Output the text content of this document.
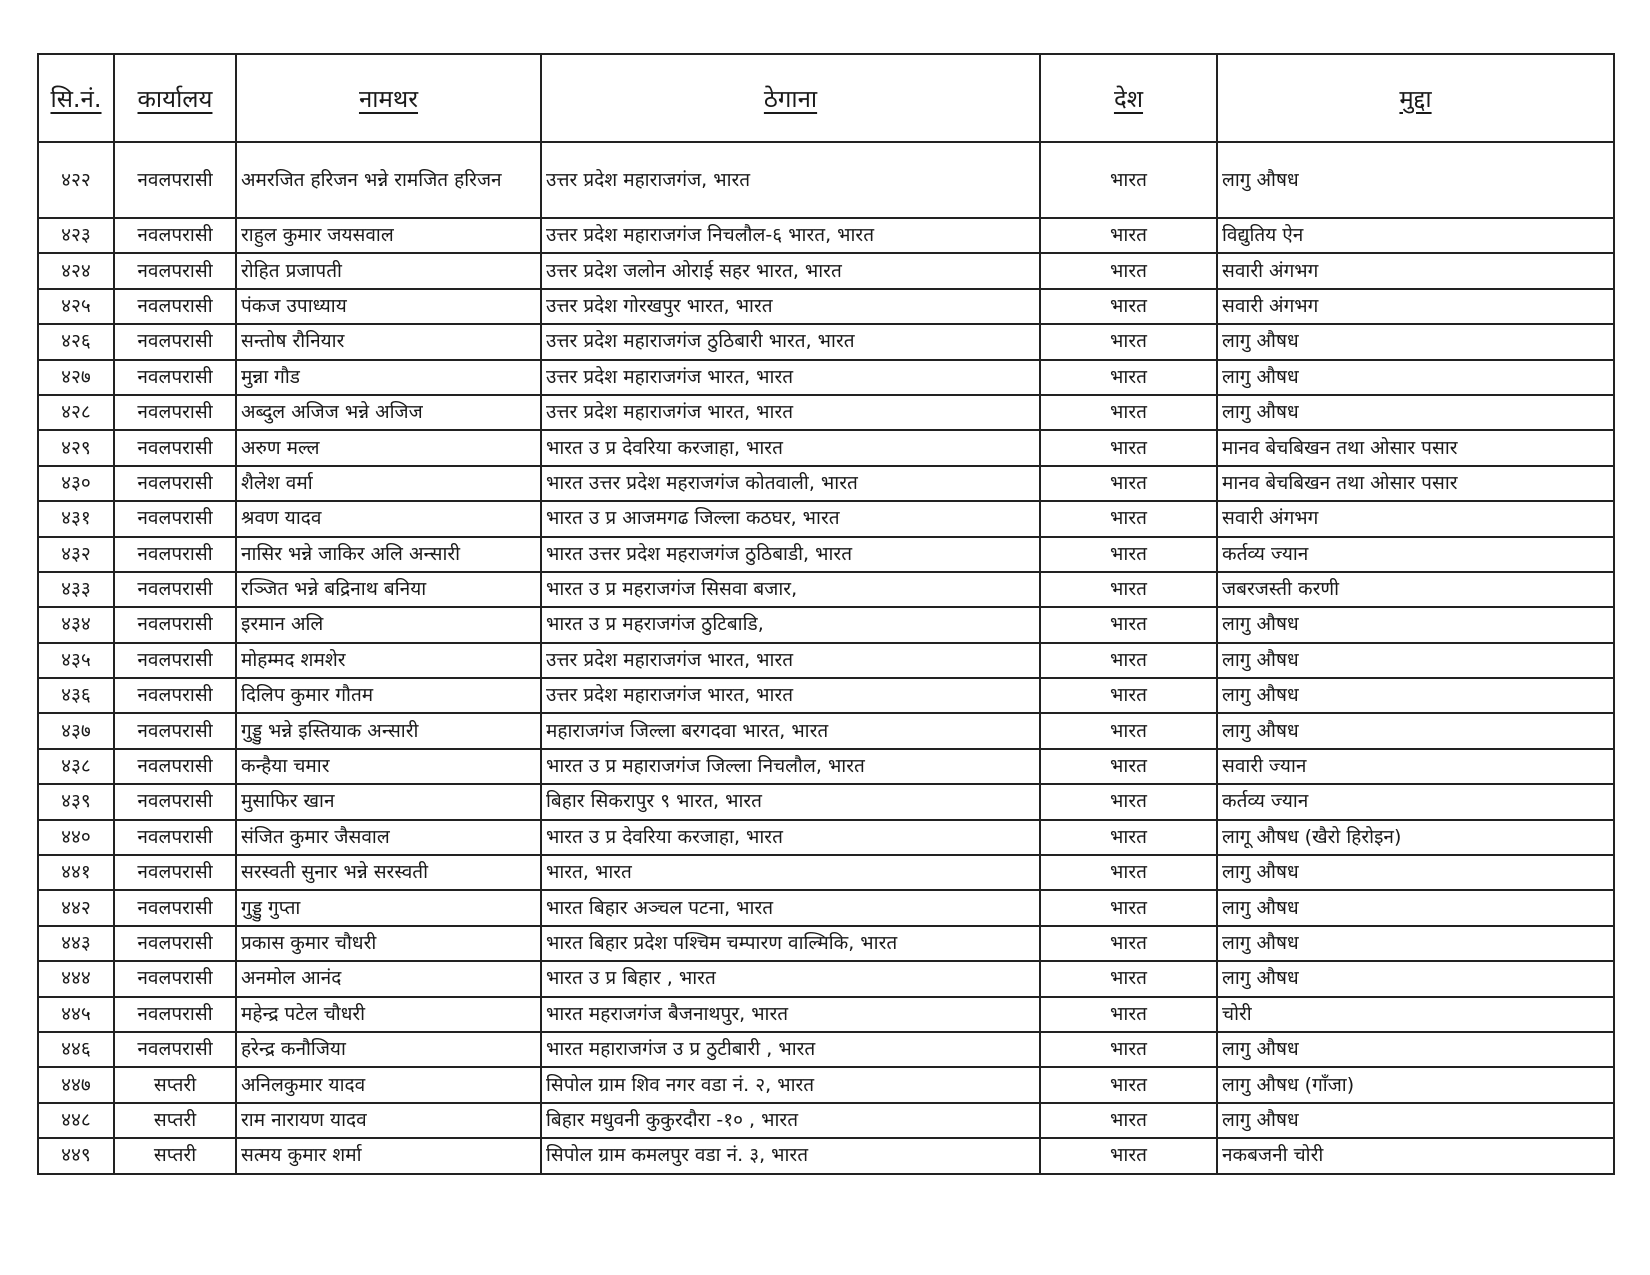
सि.नं.	कार्यालय	नामथर	ठेगाना	देश	मुद्दा
४२२	नवलपरासी	अमरजित हरिजन भन्ने रामजित हरिजन	उत्तर प्रदेश महाराजगंज, भारत	भारत	लागु औषध
४२३	नवलपरासी	राहुल कुमार जयसवाल	उत्तर प्रदेश महाराजगंज निचलौल-६ भारत, भारत	भारत	विद्युतिय ऐन
४२४	नवलपरासी	रोहित प्रजापती	उत्तर प्रदेश जलोन ओराई सहर भारत, भारत	भारत	सवारी अंगभग
४२५	नवलपरासी	पंकज उपाध्याय	उत्तर प्रदेश गोरखपुर भारत, भारत	भारत	सवारी अंगभग
४२६	नवलपरासी	सन्तोष रौनियार	उत्तर प्रदेश महाराजगंज ठुठिबारी भारत, भारत	भारत	लागु औषध
४२७	नवलपरासी	मुन्ना गौड	उत्तर प्रदेश महाराजगंज भारत, भारत	भारत	लागु औषध
४२८	नवलपरासी	अब्दुल अजिज भन्ने अजिज	उत्तर प्रदेश महाराजगंज भारत, भारत	भारत	लागु औषध
४२९	नवलपरासी	अरुण मल्ल	भारत उ प्र देवरिया करजाहा, भारत	भारत	मानव बेचबिखन तथा ओसार पसार
४३०	नवलपरासी	शैलेश वर्मा	भारत उत्तर प्रदेश महराजगंज कोतवाली, भारत	भारत	मानव बेचबिखन तथा ओसार पसार
४३१	नवलपरासी	श्रवण यादव	भारत उ प्र आजमगढ जिल्ला कठघर, भारत	भारत	सवारी अंगभग
४३२	नवलपरासी	नासिर भन्ने जाकिर अलि अन्सारी	भारत उत्तर प्रदेश महराजगंज ठुठिबाडी, भारत	भारत	कर्तव्य ज्यान
४३३	नवलपरासी	रञ्जित भन्ने बद्रिनाथ बनिया	भारत उ प्र महराजगंज सिसवा बजार,	भारत	जबरजस्ती करणी
४३४	नवलपरासी	इरमान अलि	भारत उ प्र महराजगंज ठुटिबाडि,	भारत	लागु औषध
४३५	नवलपरासी	मोहम्मद शमशेर	उत्तर प्रदेश महाराजगंज भारत, भारत	भारत	लागु औषध
४३६	नवलपरासी	दिलिप कुमार गौतम	उत्तर प्रदेश महाराजगंज भारत, भारत	भारत	लागु औषध
४३७	नवलपरासी	गुड्डु भन्ने इस्तियाक अन्सारी	महाराजगंज जिल्ला बरगदवा भारत, भारत	भारत	लागु औषध
४३८	नवलपरासी	कन्हैया चमार	भारत उ प्र महाराजगंज जिल्ला निचलौल, भारत	भारत	सवारी ज्यान
४३९	नवलपरासी	मुसाफिर खान	बिहार सिकरापुर ९ भारत, भारत	भारत	कर्तव्य ज्यान
४४०	नवलपरासी	संजित कुमार जैसवाल	भारत उ प्र देवरिया करजाहा, भारत	भारत	लागू औषध (खैरो हिरोइन)
४४१	नवलपरासी	सरस्वती सुनार भन्ने सरस्वती	भारत, भारत	भारत	लागु औषध
४४२	नवलपरासी	गुड्डु गुप्ता	भारत बिहार अञ्चल पटना, भारत	भारत	लागु औषध
४४३	नवलपरासी	प्रकास कुमार चौधरी	भारत बिहार प्रदेश पश्चिम चम्पारण वाल्मिकि, भारत	भारत	लागु औषध
४४४	नवलपरासी	अनमोल आनंद	भारत उ प्र बिहार , भारत	भारत	लागु औषध
४४५	नवलपरासी	महेन्द्र पटेल चौधरी	भारत महराजगंज बैजनाथपुर, भारत	भारत	चोरी
४४६	नवलपरासी	हरेन्द्र कनौजिया	भारत महाराजगंज उ प्र ठुटीबारी , भारत	भारत	लागु औषध
४४७	सप्तरी	अनिलकुमार यादव	सिपोल ग्राम शिव नगर वडा नं. २, भारत	भारत	लागु औषध (गाँजा)
४४८	सप्तरी	राम नारायण यादव	बिहार मधुवनी कुकुरदौरा -१० , भारत	भारत	लागु औषध
४४९	सप्तरी	सत्मय कुमार शर्मा	सिपोल ग्राम कमलपुर वडा नं. ३, भारत	भारत	नकबजनी चोरी
